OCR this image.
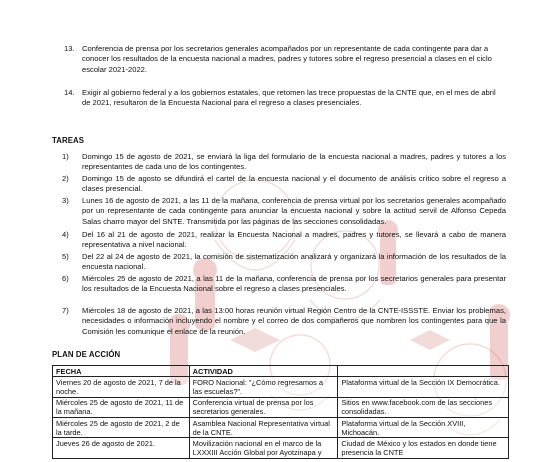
13. Conferencia de prensa por los secretarios generales acompañados por un representante de cada contingente para dar a conocer los resultados de la encuesta nacional a madres, padres y tutores sobre el regreso presencial a clases en el ciclo escolar 2021-2022.
14. Exigir al gobierno federal y a los gobiernos estatales, que retomen las trece propuestas de la CNTE que, en el mes de abril de 2021, resultaron de la Encuesta Nacional para el regreso a clases presenciales.
TAREAS
1)	Domingo 15 de agosto de 2021, se enviará la liga del formulario de la encuesta nacional a madres, padres y tutores a los representantes de cada uno de los contingentes.
2)	Domingo 15 de agosto se difundirá el cartel de la encuesta nacional y el documento de análisis crítico sobre el regreso a clases presencial.
3)	Lunes 16 de agosto de 2021, a las 11 de la mañana, conferencia de prensa virtual por los secretarios generales acompañado por un representante de cada contingente para anunciar la encuesta nacional y sobre la actitud servil de Alfonso Cepeda Salas charro mayor del SNTE. Transmitida por las páginas de las secciones consolidadas.
4)	Del 16 al 21 de agosto de 2021, realizar la Encuesta Nacional a madres, padres y tutores, se llevará a cabo de manera representativa a nivel nacional.
5)	Del 22 al 24 de agosto de 2021, la comisión de sistematización analizará y organizará la información de los resultados de la encuesta nacional.
6)	Miércoles 25 de agosto de 2021, a las 11 de la mañana, conferencia de prensa por los secretarios generales para presentar los resultados de la Encuesta Nacional sobre el regreso a clases presenciales.
7)	Miércoles 18 de agosto de 2021, a las 13:00 horas reunión virtual Región Centro de la CNTE-ISSSTE. Enviar los problemas, necesidades o información incluyendo el nombre y el correo de dos compañeros que nombren los contingentes para que la Comisión les comunique el enlace de la reunión.
PLAN DE ACCIÓN
FECHA	ACTIVIDAD	
Viernes 20 de agosto de 2021, 7 de la noche.	FORO Nacional: "¿Cómo regresamos a las escuelas?".	Plataforma virtual de la Sección IX Democrática.
Miércoles 25 de agosto de 2021, 11 de la mañana.	Conferencia virtual de prensa por los secretarios generales.	Sitios en www.facebook.com de las secciones consolidadas.
Miércoles 25 de agosto de 2021, 2 de la tarde.	Asamblea Nacional Representativa virtual de la CNTE.	Plataforma virtual de la Sección XVIII, Michoacán.
Jueves 26 de agosto de 2021.	Movilización nacional en el marco de la LXXXIII Acción Global por Ayotzinapa y	Ciudad de México y los estados en donde tiene presencia la CNTE
